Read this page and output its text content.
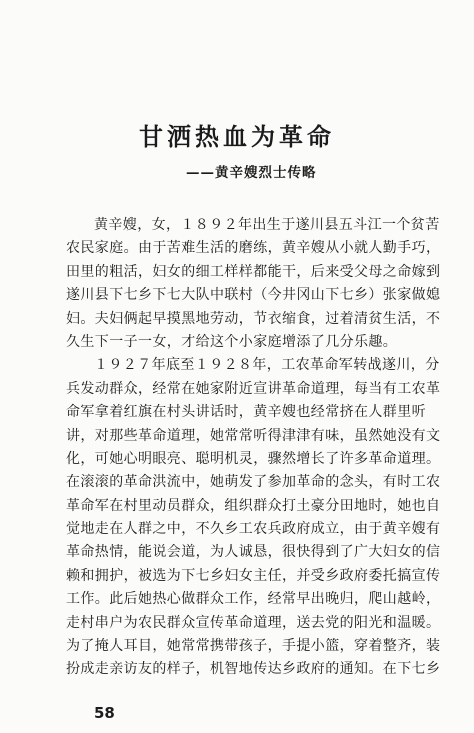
甘洒热血为革命
——黄辛嫂烈士传略
黄辛嫂，女，１８９２年出生于遂川县五斗江一个贫苦
农民家庭。由于苦难生活的磨练，黄辛嫂从小就人勤手巧，
田里的粗活，妇女的细工样样都能干，后来受父母之命嫁到
遂川县下七乡下七大队中联村（今井冈山下七乡）张家做媳
妇。夫妇俩起早摸黑地劳动，节衣缩食，过着清贫生活，不
久生下一子一女，才给这个小家庭增添了几分乐趣。
１９２７年底至１９２８年，工农革命军转战遂川，分
兵发动群众，经常在她家附近宣讲革命道理，每当有工农革
命军拿着红旗在村头讲话时，黄辛嫂也经常挤在人群里听
讲，对那些革命道理，她常常听得津津有味，虽然她没有文
化，可她心明眼亮、聪明机灵，骤然增长了许多革命道理。
在滚滚的革命洪流中，她萌发了参加革命的念头，有时工农
革命军在村里动员群众，组织群众打土豪分田地时，她也自
觉地走在人群之中，不久乡工农兵政府成立，由于黄辛嫂有
革命热情，能说会道，为人诚恳，很快得到了广大妇女的信
赖和拥护，被选为下七乡妇女主任，并受乡政府委托搞宣传
工作。此后她热心做群众工作，经常早出晚归，爬山越岭，
走村串户为农民群众宣传革命道理，送去党的阳光和温暖。
为了掩人耳目，她常常携带孩子，手提小篮，穿着整齐，装
扮成走亲访友的样子，机智地传达乡政府的通知。在下七乡
58
